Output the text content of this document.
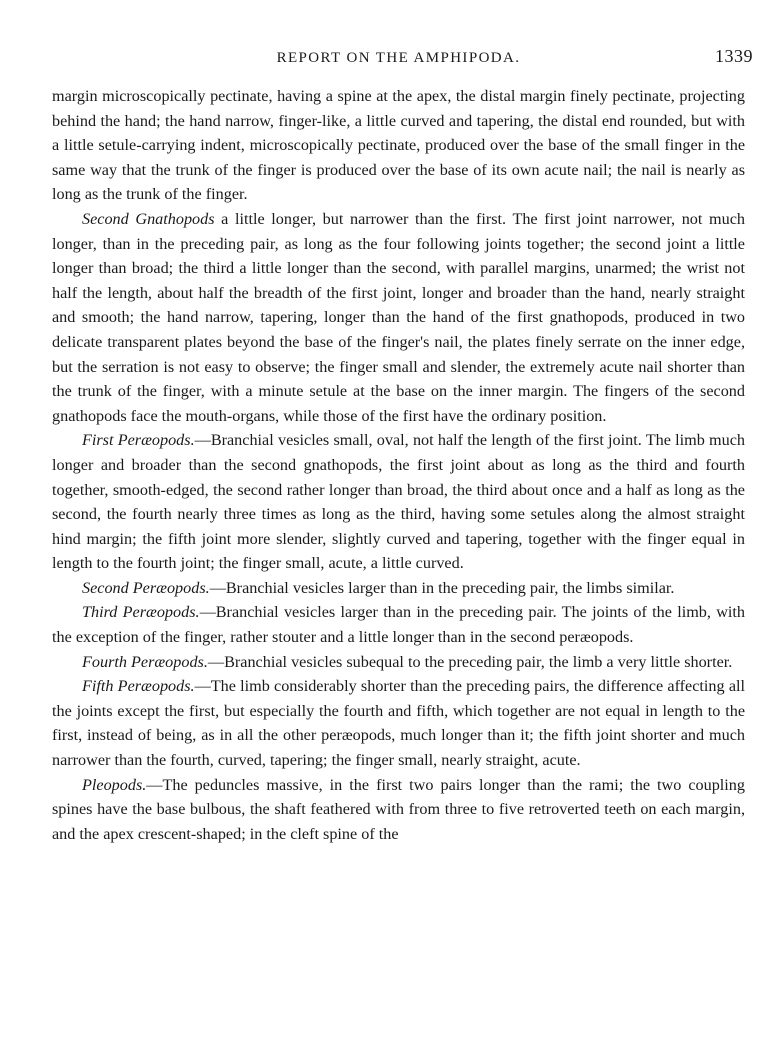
REPORT ON THE AMPHIPODA.	1339

margin microscopically pectinate, having a spine at the apex, the distal margin finely pectinate, projecting behind the hand; the hand narrow, finger-like, a little curved and tapering, the distal end rounded, but with a little setule-carrying indent, microscopically pectinate, produced over the base of the small finger in the same way that the trunk of the finger is produced over the base of its own acute nail; the nail is nearly as long as the trunk of the finger.

Second Gnathopods a little longer, but narrower than the first. The first joint narrower, not much longer, than in the preceding pair, as long as the four following joints together; the second joint a little longer than broad; the third a little longer than the second, with parallel margins, unarmed; the wrist not half the length, about half the breadth of the first joint, longer and broader than the hand, nearly straight and smooth; the hand narrow, tapering, longer than the hand of the first gnathopods, produced in two delicate transparent plates beyond the base of the finger's nail, the plates finely serrate on the inner edge, but the serration is not easy to observe; the finger small and slender, the extremely acute nail shorter than the trunk of the finger, with a minute setule at the base on the inner margin. The fingers of the second gnathopods face the mouth-organs, while those of the first have the ordinary position.

First Peræopods.—Branchial vesicles small, oval, not half the length of the first joint. The limb much longer and broader than the second gnathopods, the first joint about as long as the third and fourth together, smooth-edged, the second rather longer than broad, the third about once and a half as long as the second, the fourth nearly three times as long as the third, having some setules along the almost straight hind margin; the fifth joint more slender, slightly curved and tapering, together with the finger equal in length to the fourth joint; the finger small, acute, a little curved.

Second Peræopods.—Branchial vesicles larger than in the preceding pair, the limbs similar.

Third Peræopods.—Branchial vesicles larger than in the preceding pair. The joints of the limb, with the exception of the finger, rather stouter and a little longer than in the second peræopods.

Fourth Peræopods.—Branchial vesicles subequal to the preceding pair, the limb a very little shorter.

Fifth Peræopods.—The limb considerably shorter than the preceding pairs, the difference affecting all the joints except the first, but especially the fourth and fifth, which together are not equal in length to the first, instead of being, as in all the other peræopods, much longer than it; the fifth joint shorter and much narrower than the fourth, curved, tapering; the finger small, nearly straight, acute.

Pleopods.—The peduncles massive, in the first two pairs longer than the rami; the two coupling spines have the base bulbous, the shaft feathered with from three to five retroverted teeth on each margin, and the apex crescent-shaped; in the cleft spine of the
